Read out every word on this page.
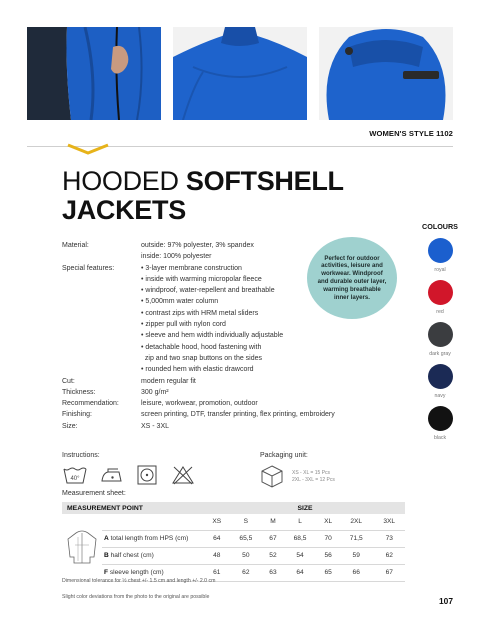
WOMEN'S STYLE 1102
HOODED SOFTSHELL
JACKETS
COLOURS
royal
red
dark gray
navy
black
Perfect for outdoor activities, leisure and workwear. Windproof and durable outer layer, warming breathable inner layers.
Material:	outside: 97% polyester, 3% spandex
inside: 100% polyester
Special features:	• 3-layer membrane construction
• inside with warming micropolar fleece
• windproof, water-repellent and breathable
• 5,000mm water column
• contrast zips with HRM metal sliders
• zipper pull with nylon cord
• sleeve and hem width individually adjustable
• detachable hood, hood fastening with
zip and two snap buttons on the sides
• rounded hem with elastic drawcord
Cut:	modern regular fit
Thickness:	300 g/m²
Recommendation:	leisure, workwear, promotion, outdoor
Finishing:	screen printing, DTF, transfer printing, flex printing, embroidery
Size:	XS - 3XL
Instructions:
40°
Packaging unit:
XS - XL = 15 Pcs
2XL - 3XL = 12 Pcs
Measurement sheet:
MEASUREMENT POINT		SIZE						
		XS	S	M	L	XL	2XL	3XL
	A total length from HPS (cm)	64	65,5	67	68,5	70	71,5	73
	B half chest (cm)	48	50	52	54	56	59	62
	F sleeve length (cm)	61	62	63	64	65	66	67
Dimensional tolerance for ½ chest +/- 1.5 cm and length +/- 2.0 cm
Slight color deviations from the photo to the original are possible	107
